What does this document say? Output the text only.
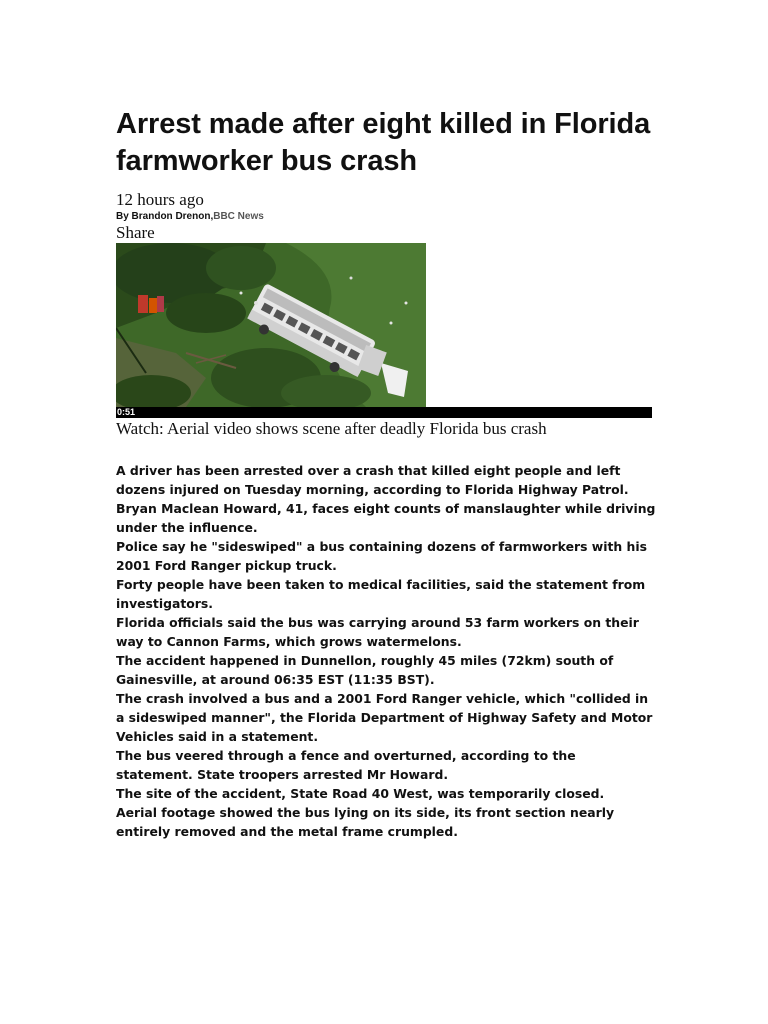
Arrest made after eight killed in Florida farmworker bus crash
12 hours ago
By Brandon Drenon,BBC News
Share
0:51
Watch: Aerial video shows scene after deadly Florida bus crash

A driver has been arrested over a crash that killed eight people and left dozens injured on Tuesday morning, according to Florida Highway Patrol.

Bryan Maclean Howard, 41, faces eight counts of manslaughter while driving under the influence.

Police say he "sideswiped" a bus containing dozens of farmworkers with his 2001 Ford Ranger pickup truck.

Forty people have been taken to medical facilities, said the statement from investigators.

Florida officials said the bus was carrying around 53 farm workers on their way to Cannon Farms, which grows watermelons.

The accident happened in Dunnellon, roughly 45 miles (72km) south of Gainesville, at around 06:35 EST (11:35 BST).

The crash involved a bus and a 2001 Ford Ranger vehicle, which "collided in a sideswiped manner", the Florida Department of Highway Safety and Motor Vehicles said in a statement.

The bus veered through a fence and overturned, according to the statement. State troopers arrested Mr Howard.

The site of the accident, State Road 40 West, was temporarily closed.

Aerial footage showed the bus lying on its side, its front section nearly entirely removed and the metal frame crumpled.
